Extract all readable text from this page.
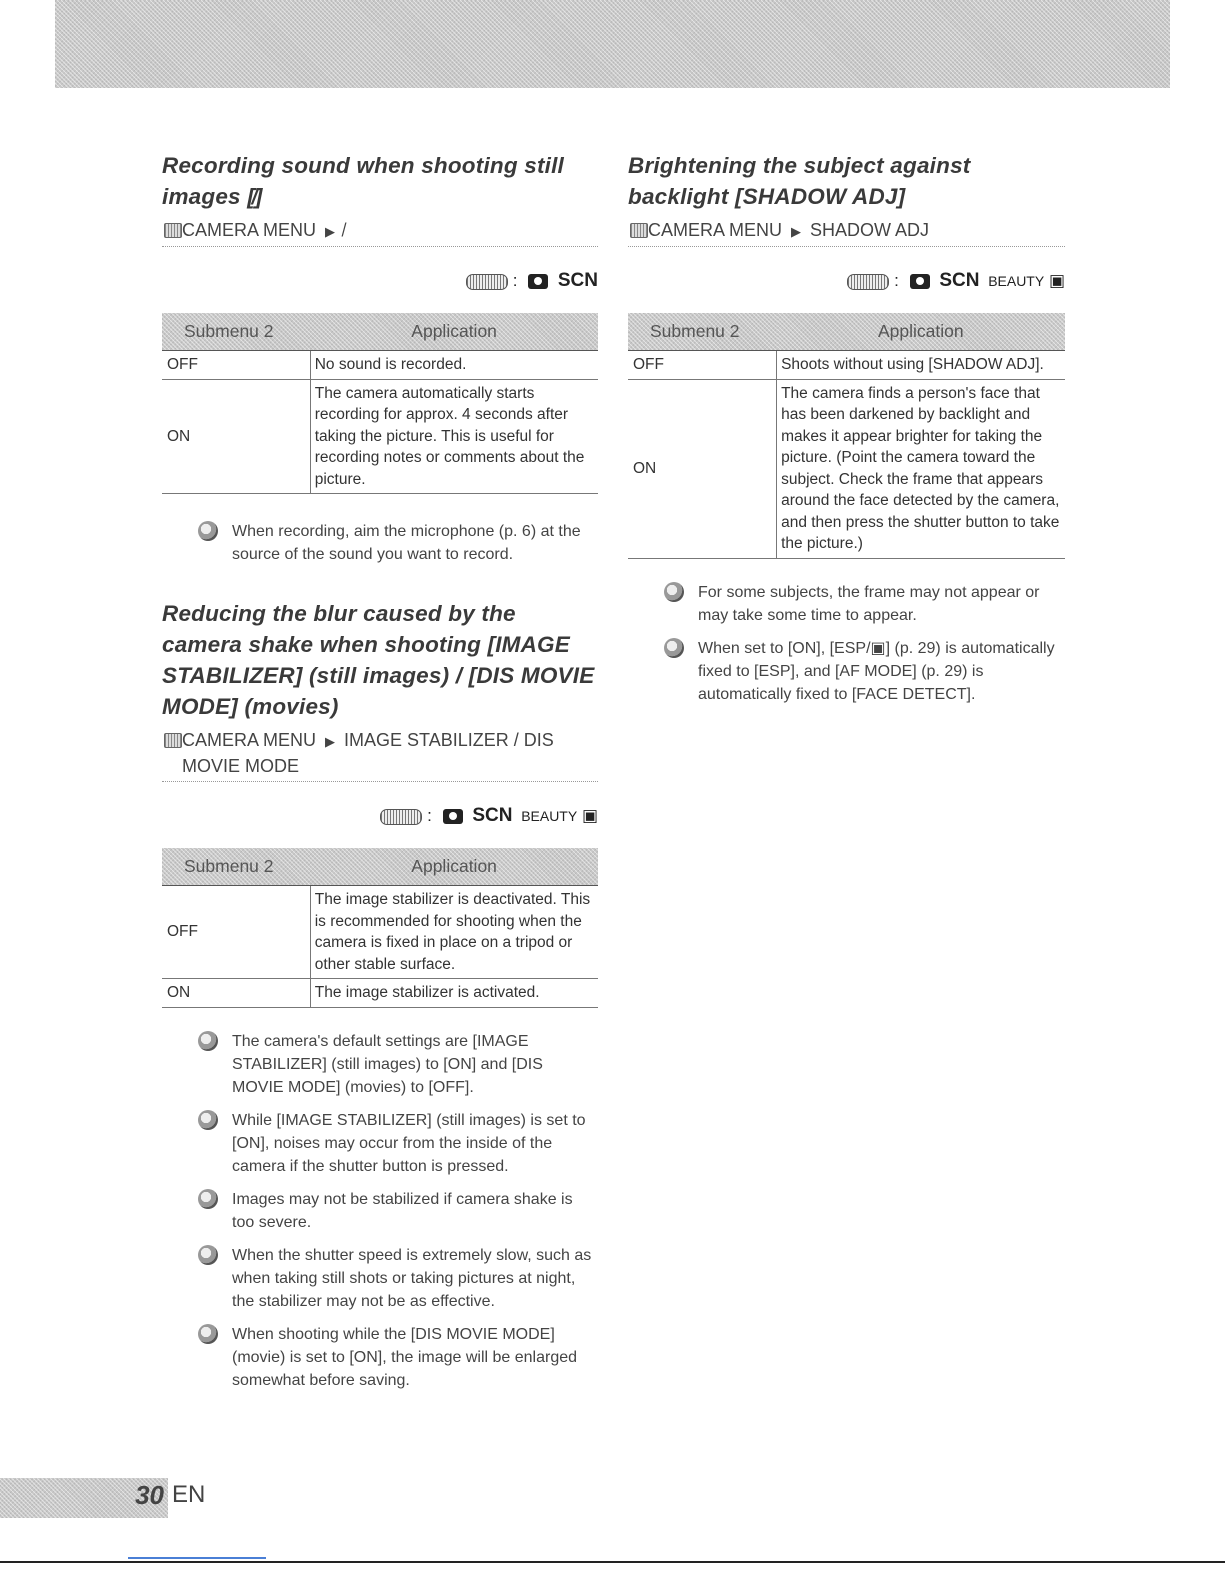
Recording sound when shooting still images [̸]
CAMERA MENU ▶
:  SCN
Submenu 2	Application
OFF	No sound is recorded.
ON	The camera automatically starts recording for approx. 4 seconds after taking the picture. This is useful for recording notes or comments about the picture.
When recording, aim the microphone (p. 6) at the source of the sound you want to record.
Reducing the blur caused by the camera shake when shooting [IMAGE STABILIZER] (still images) / [DIS MOVIE MODE] (movies)
CAMERA MENU ▶ IMAGE STABILIZER / DIS MOVIE MODE
:  SCN BEAUTY ▣
Submenu 2	Application
OFF	The image stabilizer is deactivated. This is recommended for shooting when the camera is fixed in place on a tripod or other stable surface.
ON	The image stabilizer is activated.
The camera's default settings are [IMAGE STABILIZER] (still images) to [ON] and [DIS MOVIE MODE] (movies) to [OFF].
While [IMAGE STABILIZER] (still images) is set to [ON], noises may occur from the inside of the camera if the shutter button is pressed.
Images may not be stabilized if camera shake is too severe.
When the shutter speed is extremely slow, such as when taking still shots or taking pictures at night, the stabilizer may not be as effective.
When shooting while the [DIS MOVIE MODE] (movie) is set to [ON], the image will be enlarged somewhat before saving.
Brightening the subject against backlight [SHADOW ADJ]
CAMERA MENU ▶ SHADOW ADJ
:  SCN BEAUTY ▣
Submenu 2	Application
OFF	Shoots without using [SHADOW ADJ].
ON	The camera finds a person's face that has been darkened by backlight and makes it appear brighter for taking the picture. (Point the camera toward the subject. Check the frame that appears around the face detected by the camera, and then press the shutter button to take the picture.)
For some subjects, the frame may not appear or may take some time to appear.
When set to [ON], [ESP/▣] (p. 29) is automatically fixed to [ESP], and [AF MODE] (p. 29) is automatically fixed to [FACE DETECT].
30 EN
